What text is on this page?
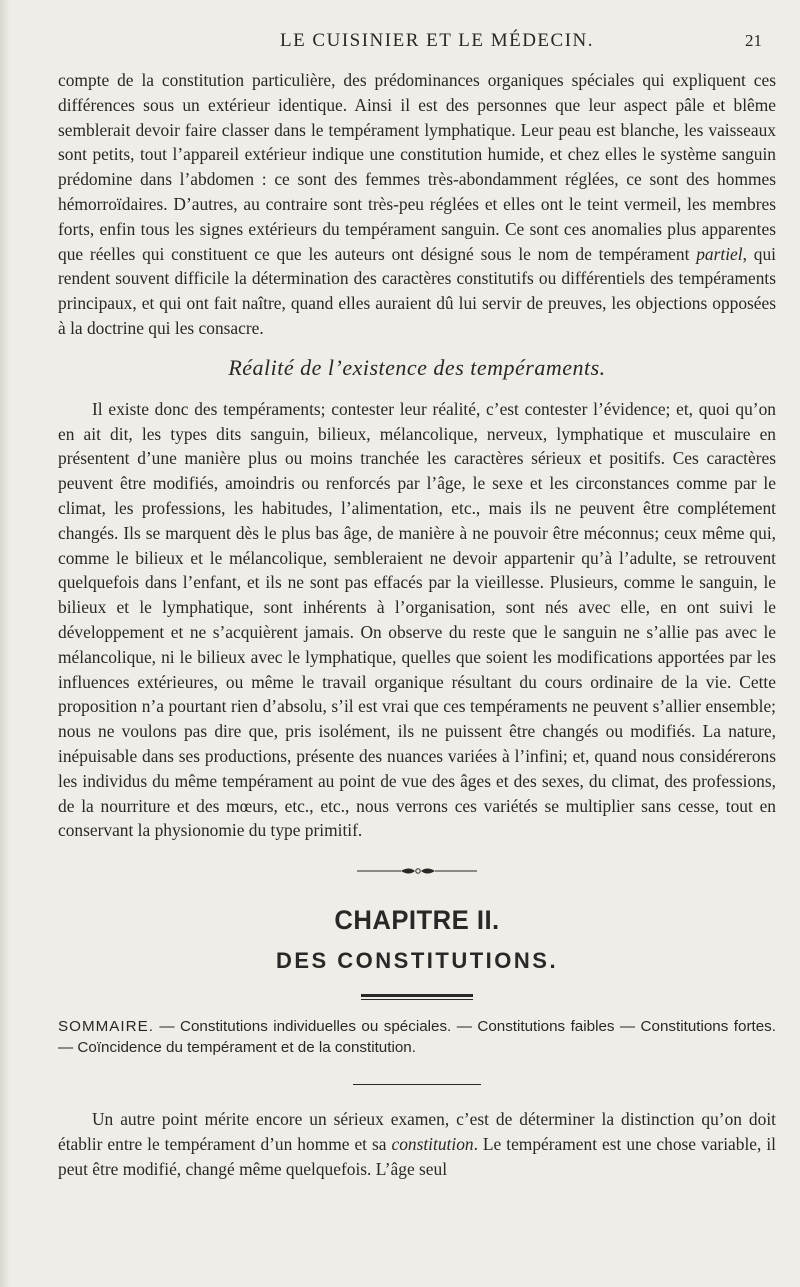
LE CUISINIER ET LE MÉDECIN.	21

compte de la constitution particulière, des prédominances organiques spéciales qui expliquent ces différences sous un extérieur identique. Ainsi il est des personnes que leur aspect pâle et blême semblerait devoir faire classer dans le tempérament lymphatique. Leur peau est blanche, les vaisseaux sont petits, tout l’appareil extérieur indique une constitution humide, et chez elles le système sanguin prédomine dans l’abdomen : ce sont des femmes très-abondamment réglées, ce sont des hommes hémorroïdaires. D’autres, au contraire sont très-peu réglées et elles ont le teint vermeil, les membres forts, enfin tous les signes extérieurs du tempérament sanguin. Ce sont ces anomalies plus apparentes que réelles qui constituent ce que les auteurs ont désigné sous le nom de tempérament partiel, qui rendent souvent difficile la détermination des caractères constitutifs ou différentiels des tempéraments principaux, et qui ont fait naître, quand elles auraient dû lui servir de preuves, les objections opposées à la doctrine qui les consacre.

Réalité de l’existence des tempéraments.

Il existe donc des tempéraments; contester leur réalité, c’est contester l’évidence; et, quoi qu’on en ait dit, les types dits sanguin, bilieux, mélancolique, nerveux, lymphatique et musculaire en présentent d’une manière plus ou moins tranchée les caractères sérieux et positifs. Ces caractères peuvent être modifiés, amoindris ou renforcés par l’âge, le sexe et les circonstances comme par le climat, les professions, les habitudes, l’alimentation, etc., mais ils ne peuvent être complétement changés. Ils se marquent dès le plus bas âge, de manière à ne pouvoir être méconnus; ceux même qui, comme le bilieux et le mélancolique, sembleraient ne devoir appartenir qu’à l’adulte, se retrouvent quelquefois dans l’enfant, et ils ne sont pas effacés par la vieillesse. Plusieurs, comme le sanguin, le bilieux et le lymphatique, sont inhérents à l’organisation, sont nés avec elle, en ont suivi le développement et ne s’acquièrent jamais. On observe du reste que le sanguin ne s’allie pas avec le mélancolique, ni le bilieux avec le lymphatique, quelles que soient les modifications apportées par les influences extérieures, ou même le travail organique résultant du cours ordinaire de la vie. Cette proposition n’a pourtant rien d’absolu, s’il est vrai que ces tempéraments ne peuvent s’allier ensemble; nous ne voulons pas dire que, pris isolément, ils ne puissent être changés ou modifiés. La nature, inépuisable dans ses productions, présente des nuances variées à l’infini; et, quand nous considérerons les individus du même tempérament au point de vue des âges et des sexes, du climat, des professions, de la nourriture et des mœurs, etc., etc., nous verrons ces variétés se multiplier sans cesse, tout en conservant la physionomie du type primitif.

CHAPITRE II.
DES CONSTITUTIONS.

SOMMAIRE. — Constitutions individuelles ou spéciales. — Constitutions faibles — Constitutions fortes. — Coïncidence du tempérament et de la constitution.

Un autre point mérite encore un sérieux examen, c’est de déterminer la distinction qu’on doit établir entre le tempérament d’un homme et sa constitution. Le tempérament est une chose variable, il peut être modifié, changé même quelquefois. L’âge seul
